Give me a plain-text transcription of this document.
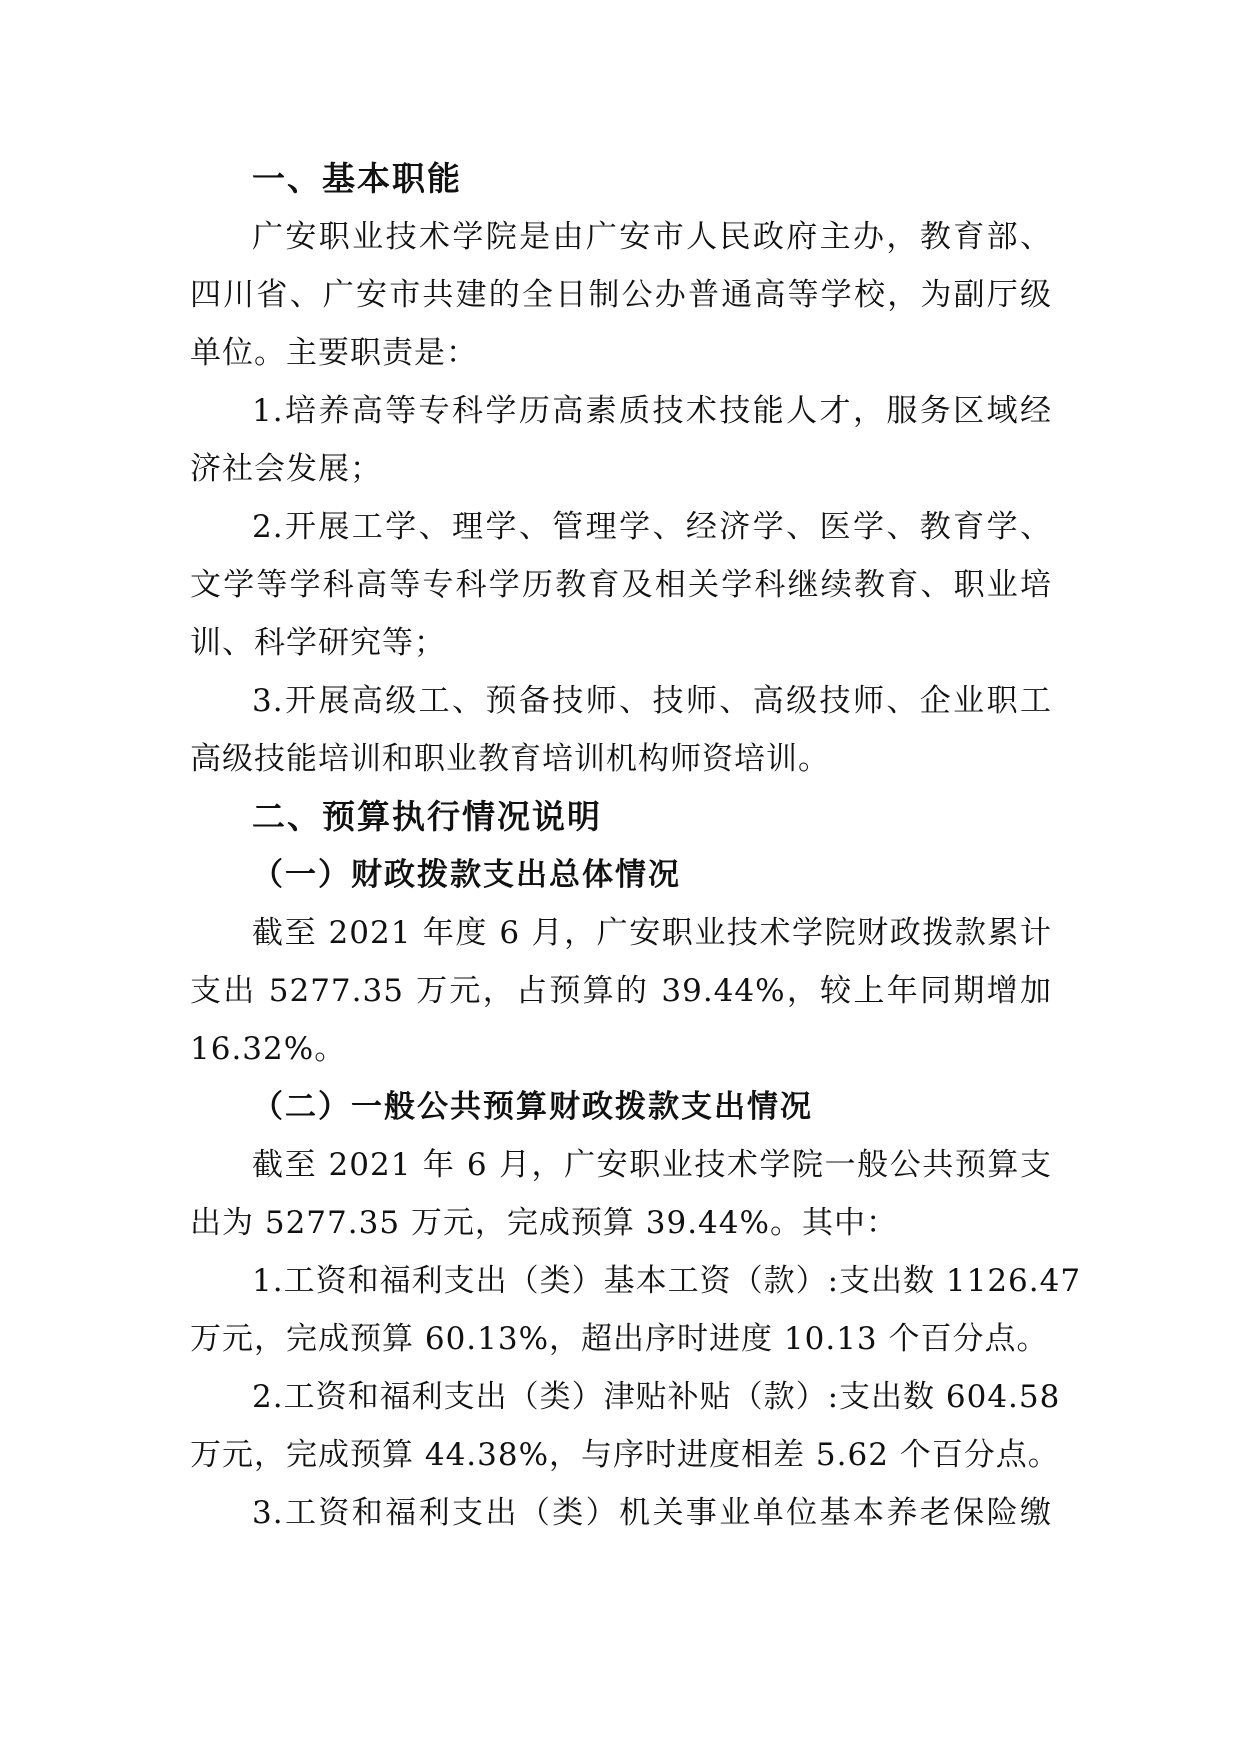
一、基本职能
广安职业技术学院是由广安市人民政府主办，教育部、
四川省、广安市共建的全日制公办普通高等学校，为副厅级
单位。主要职责是：
1.培养高等专科学历高素质技术技能人才，服务区域经
济社会发展；
2.开展工学、理学、管理学、经济学、医学、教育学、
文学等学科高等专科学历教育及相关学科继续教育、职业培
训、科学研究等；
3.开展高级工、预备技师、技师、高级技师、企业职工
高级技能培训和职业教育培训机构师资培训。
二、预算执行情况说明
（一）财政拨款支出总体情况
截至 2021 年度 6 月，广安职业技术学院财政拨款累计
支出 5277.35 万元，占预算的 39.44%，较上年同期增加
16.32%。
（二）一般公共预算财政拨款支出情况
截至 2021 年 6 月，广安职业技术学院一般公共预算支
出为 5277.35 万元，完成预算 39.44%。其中：
1.工资和福利支出（类）基本工资（款）:支出数 1126.47
万元，完成预算 60.13%，超出序时进度 10.13 个百分点。
2.工资和福利支出（类）津贴补贴（款）:支出数 604.58
万元，完成预算 44.38%，与序时进度相差 5.62 个百分点。
3.工资和福利支出（类）机关事业单位基本养老保险缴
